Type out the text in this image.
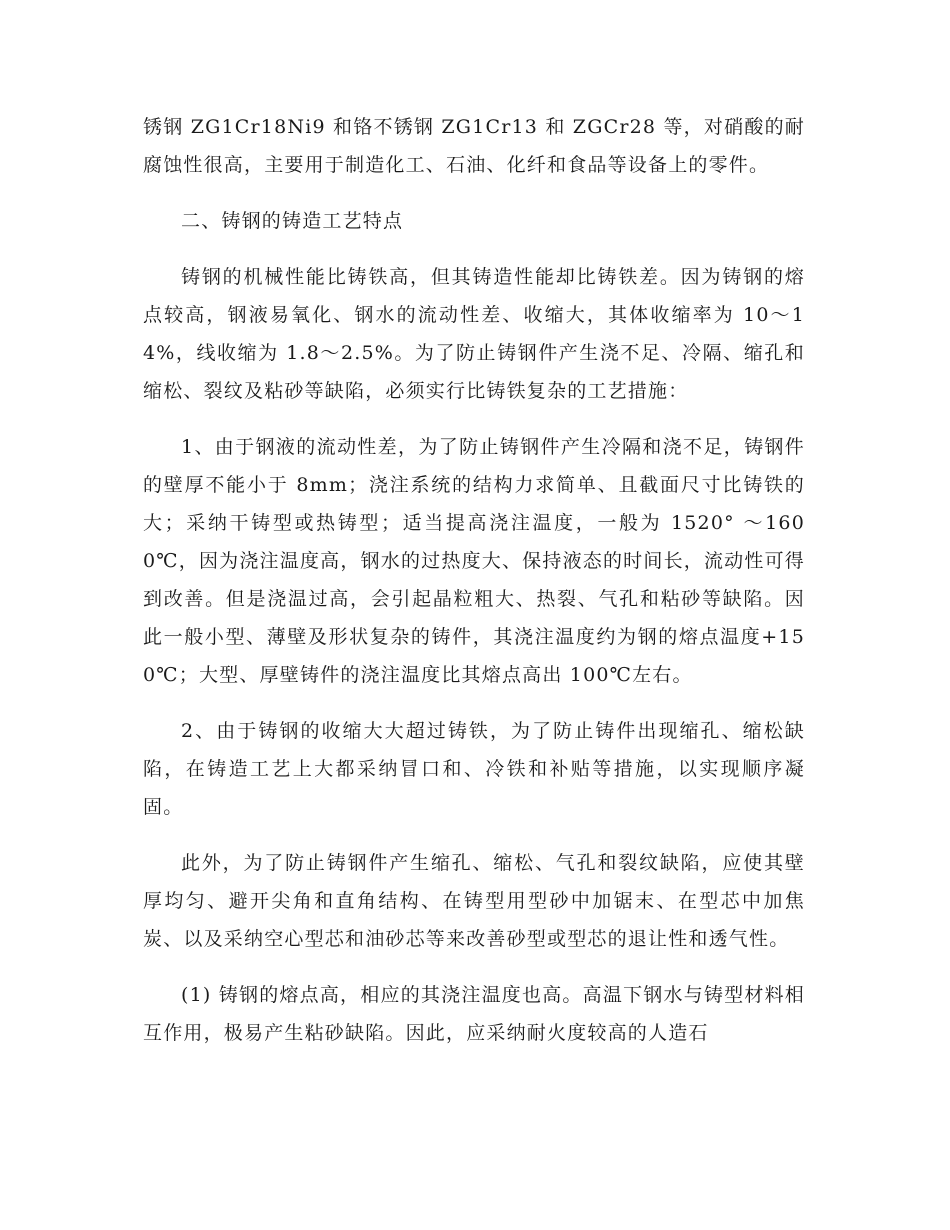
锈钢 ZG1Cr18Ni9 和铬不锈钢 ZG1Cr13 和 ZGCr28 等，对硝酸的耐腐蚀性很高，主要用于制造化工、石油、化纤和食品等设备上的零件。

二、铸钢的铸造工艺特点

铸钢的机械性能比铸铁高，但其铸造性能却比铸铁差。因为铸钢的熔点较高，钢液易氧化、钢水的流动性差、收缩大，其体收缩率为 10～14%，线收缩为 1.8～2.5%。为了防止铸钢件产生浇不足、冷隔、缩孔和缩松、裂纹及粘砂等缺陷，必须实行比铸铁复杂的工艺措施：

1、由于钢液的流动性差，为了防止铸钢件产生冷隔和浇不足，铸钢件的壁厚不能小于 8mm；浇注系统的结构力求简单、且截面尺寸比铸铁的大；采纳干铸型或热铸型；适当提高浇注温度，一般为 1520° ～1600℃，因为浇注温度高，钢水的过热度大、保持液态的时间长，流动性可得到改善。但是浇温过高，会引起晶粒粗大、热裂、气孔和粘砂等缺陷。因此一般小型、薄壁及形状复杂的铸件，其浇注温度约为钢的熔点温度+150℃；大型、厚壁铸件的浇注温度比其熔点高出 100℃左右。

2、由于铸钢的收缩大大超过铸铁，为了防止铸件出现缩孔、缩松缺陷，在铸造工艺上大都采纳冒口和、冷铁和补贴等措施，以实现顺序凝固。

此外，为了防止铸钢件产生缩孔、缩松、气孔和裂纹缺陷，应使其壁厚均匀、避开尖角和直角结构、在铸型用型砂中加锯末、在型芯中加焦炭、以及采纳空心型芯和油砂芯等来改善砂型或型芯的退让性和透气性。

(1) 铸钢的熔点高，相应的其浇注温度也高。高温下钢水与铸型材料相互作用，极易产生粘砂缺陷。因此，应采纳耐火度较高的人造石
